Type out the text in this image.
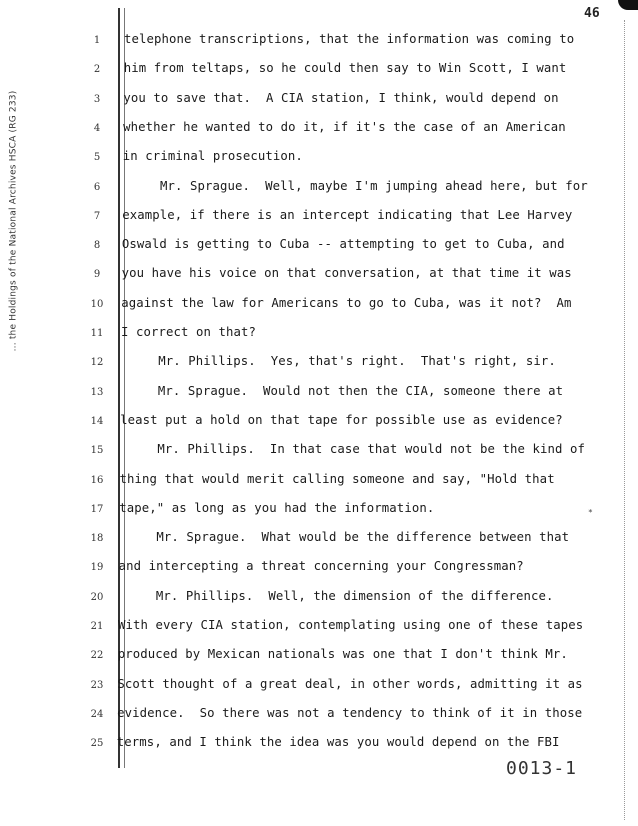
46
... the Holdings of the National Archives HSCA (RG 233)
1	telephone transcriptions, that the information was coming to
2	him from teltaps, so he could then say to Win Scott, I want
3	you to save that.  A CIA station, I think, would depend on
4	whether he wanted to do it, if it's the case of an American
5	in criminal prosecution.
6	Mr. Sprague.  Well, maybe I'm jumping ahead here, but for
7	example, if there is an intercept indicating that Lee Harvey
8	Oswald is getting to Cuba -- attempting to get to Cuba, and
9	you have his voice on that conversation, at that time it was
10	against the law for Americans to go to Cuba, was it not?  Am
11	I correct on that?
12	Mr. Phillips.  Yes, that's right.  That's right, sir.
13	Mr. Sprague.  Would not then the CIA, someone there at
14	least put a hold on that tape for possible use as evidence?
15	Mr. Phillips.  In that case that would not be the kind of
16	thing that would merit calling someone and say, "Hold that
17	tape," as long as you had the information.
18	Mr. Sprague.  What would be the difference between that
19	and intercepting a threat concerning your Congressman?
20	Mr. Phillips.  Well, the dimension of the difference.
21	With every CIA station, contemplating using one of these tapes
22	produced by Mexican nationals was one that I don't think Mr.
23	Scott thought of a great deal, in other words, admitting it as
24	evidence.  So there was not a tendency to think of it in those
25	terms, and I think the idea was you would depend on the FBI
*
0013-1
